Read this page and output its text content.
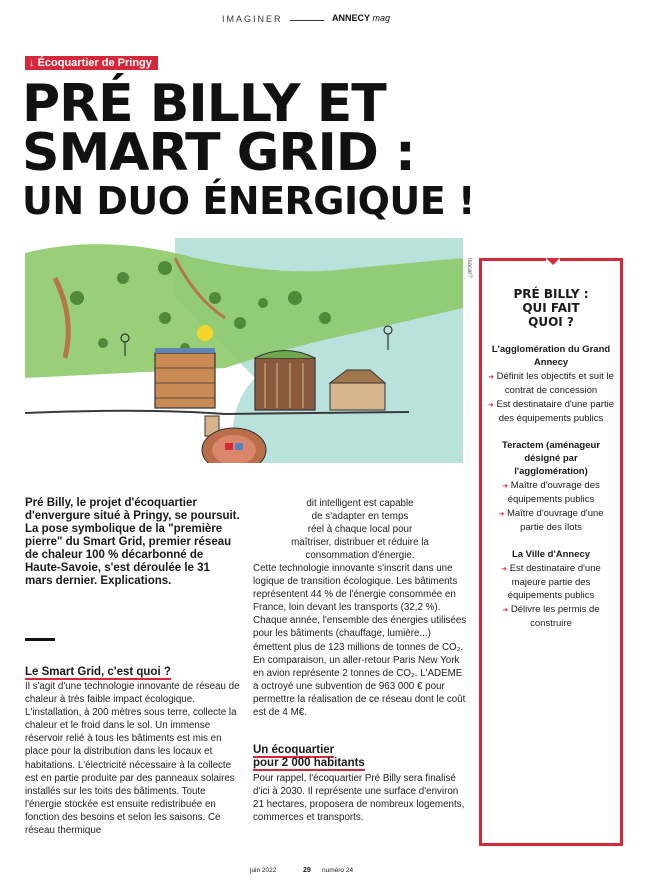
IMAGINER	ANNECY mag
↓ Écoquartier de Pringy
PRÉ BILLY ET
SMART GRID :
UN DUO ÉNERGIQUE !
Isacar?
PRÉ BILLY :
QUI FAIT
QUOI ?
L'agglomération du Grand Annecy
➜ Définit les objectifs et suit le contrat de concession
➜ Est destinataire d'une partie des équipements publics
Teractem (aménageur désigné par l'agglomération)
➜ Maître d'ouvrage des équipements publics
➜ Maître d'ouvrage d'une partie des îlots
La Ville d'Annecy
➜ Est destinataire d'une majeure partie des équipements publics
➜ Délivre les permis de construire

Pré Billy, le projet d'écoquartier d'envergure situé à Pringy, se poursuit. La pose symbolique de la "première pierre" du Smart Grid, premier réseau de chaleur 100 % décarbonné de Haute-Savoie, s'est déroulée le 31 mars dernier. Explications.

Le Smart Grid, c'est quoi ?

Il s'agit d'une technologie innovante de réseau de chaleur à très faible impact écologique. L'installation, à 200 mètres sous terre, collecte la chaleur et le froid dans le sol. Un immense réservoir relié à tous les bâtiments est mis en place pour la distribution dans les locaux et habitations. L'électricité nécessaire à la collecte est en partie produite par des panneaux solaires installés sur les toits des bâtiments. Toute l'énergie stockée est ensuite redistribuée en fonction des besoins et selon les saisons. Ce réseau thermique

dit intelligent est capable
de s'adapter en temps
réel à chaque local pour
maîtriser, distribuer et réduire la
consommation d'énergie.

Cette technologie innovante s'inscrit dans une logique de transition écologique. Les bâtiments représentent 44 % de l'énergie consommée en France, loin devant les transports (32,2 %). Chaque année, l'ensemble des énergies utilisées pour les bâtiments (chauffage, lumière...) émettent plus de 123 millions de tonnes de CO₂. En comparaison, un aller-retour Paris New York en avion représente 2 tonnes de CO₂. L'ADEME a octroyé une subvention de 963 000 € pour permettre la réalisation de ce réseau dont le coût est de 4 M€.

Un écoquartier
pour 2 000 habitants

Pour rappel, l'écoquartier Pré Billy sera finalisé d'ici à 2030. Il représente une surface d'environ 21 hectares, proposera de nombreux logements, commerces et transports.

juin 2022	29 numéro 24
